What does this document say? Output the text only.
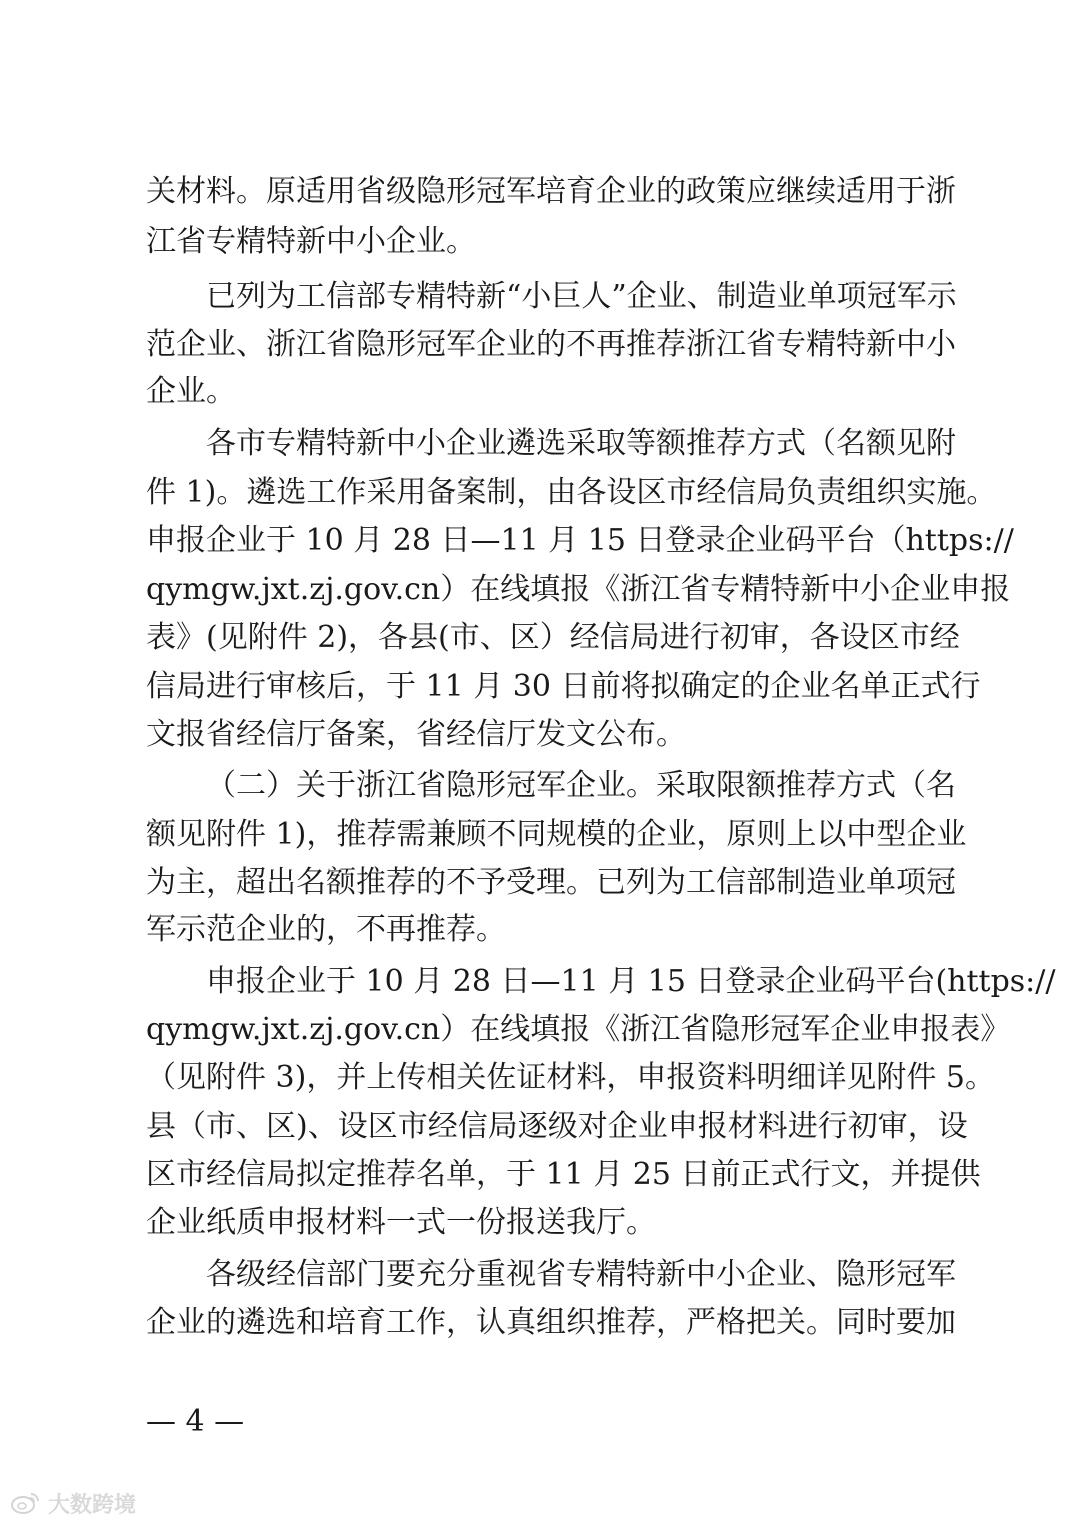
关材料。原适用省级隐形冠军培育企业的政策应继续适用于浙
江省专精特新中小企业。
已列为工信部专精特新“小巨人”企业、制造业单项冠军示
范企业、浙江省隐形冠军企业的不再推荐浙江省专精特新中小
企业。
各市专精特新中小企业遴选采取等额推荐方式（名额见附
件 1)。遴选工作采用备案制，由各设区市经信局负责组织实施。
申报企业于 10 月 28 日—11 月 15 日登录企业码平台（https://
qymgw.jxt.zj.gov.cn）在线填报《浙江省专精特新中小企业申报
表》(见附件 2)，各县(市、区）经信局进行初审，各设区市经
信局进行审核后，于 11 月 30 日前将拟确定的企业名单正式行
文报省经信厅备案，省经信厅发文公布。
（二）关于浙江省隐形冠军企业。采取限额推荐方式（名
额见附件 1)，推荐需兼顾不同规模的企业，原则上以中型企业
为主，超出名额推荐的不予受理。已列为工信部制造业单项冠
军示范企业的，不再推荐。
申报企业于 10 月 28 日—11 月 15 日登录企业码平台(https://
qymgw.jxt.zj.gov.cn）在线填报《浙江省隐形冠军企业申报表》
（见附件 3)，并上传相关佐证材料，申报资料明细详见附件 5。
县（市、区)、设区市经信局逐级对企业申报材料进行初审，设
区市经信局拟定推荐名单，于 11 月 25 日前正式行文，并提供
企业纸质申报材料一式一份报送我厅。
各级经信部门要充分重视省专精特新中小企业、隐形冠军
企业的遴选和培育工作，认真组织推荐，严格把关。同时要加
— 4 —
大数跨境
